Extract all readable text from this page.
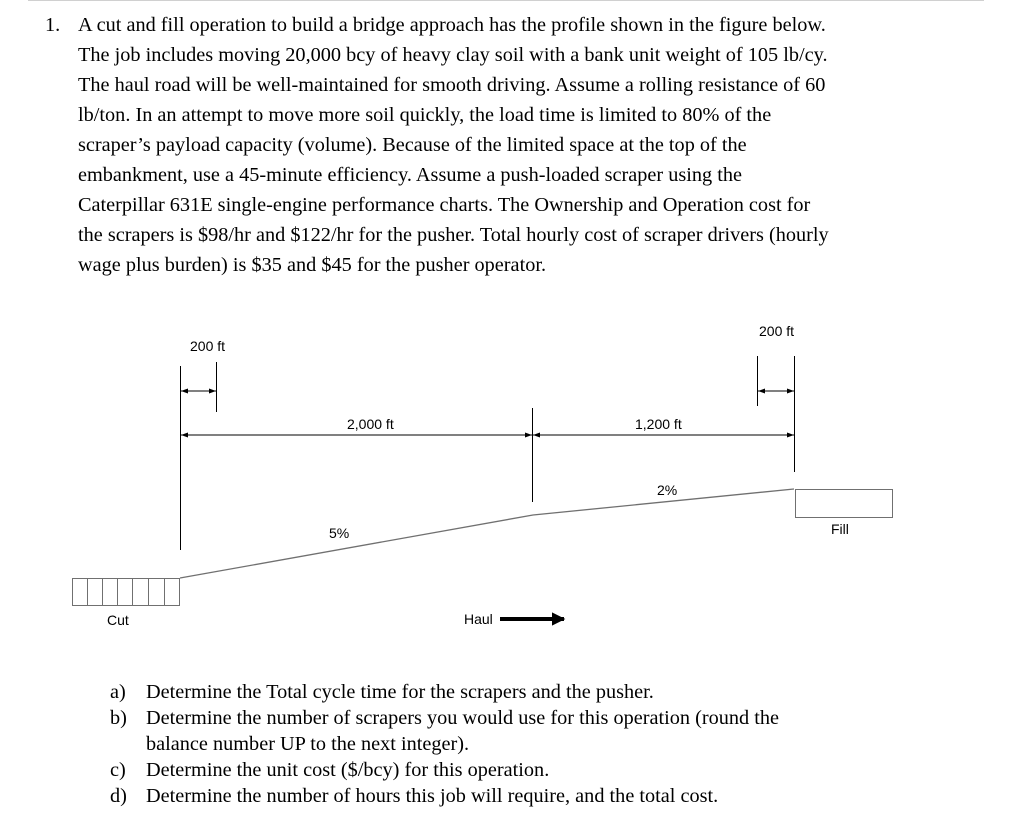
1. A cut and fill operation to build a bridge approach has the profile shown in the figure below.
The job includes moving 20,000 bcy of heavy clay soil with a bank unit weight of 105 lb/cy.
The haul road will be well-maintained for smooth driving. Assume a rolling resistance of 60
lb/ton. In an attempt to move more soil quickly, the load time is limited to 80% of the
scraper’s payload capacity (volume). Because of the limited space at the top of the
embankment, use a 45-minute efficiency. Assume a push-loaded scraper using the
Caterpillar 631E single-engine performance charts. The Ownership and Operation cost for
the scrapers is $98/hr and $122/hr for the pusher. Total hourly cost of scraper drivers (hourly
wage plus burden) is $35 and $45 for the pusher operator.
200 ft
2,000 ft	1,200 ft
200 ft
5%
2%
Cut
Fill
Haul
a) Determine the Total cycle time for the scrapers and the pusher.
b) Determine the number of scrapers you would use for this operation (round the
balance number UP to the next integer).
c) Determine the unit cost ($/bcy) for this operation.
d) Determine the number of hours this job will require, and the total cost.
